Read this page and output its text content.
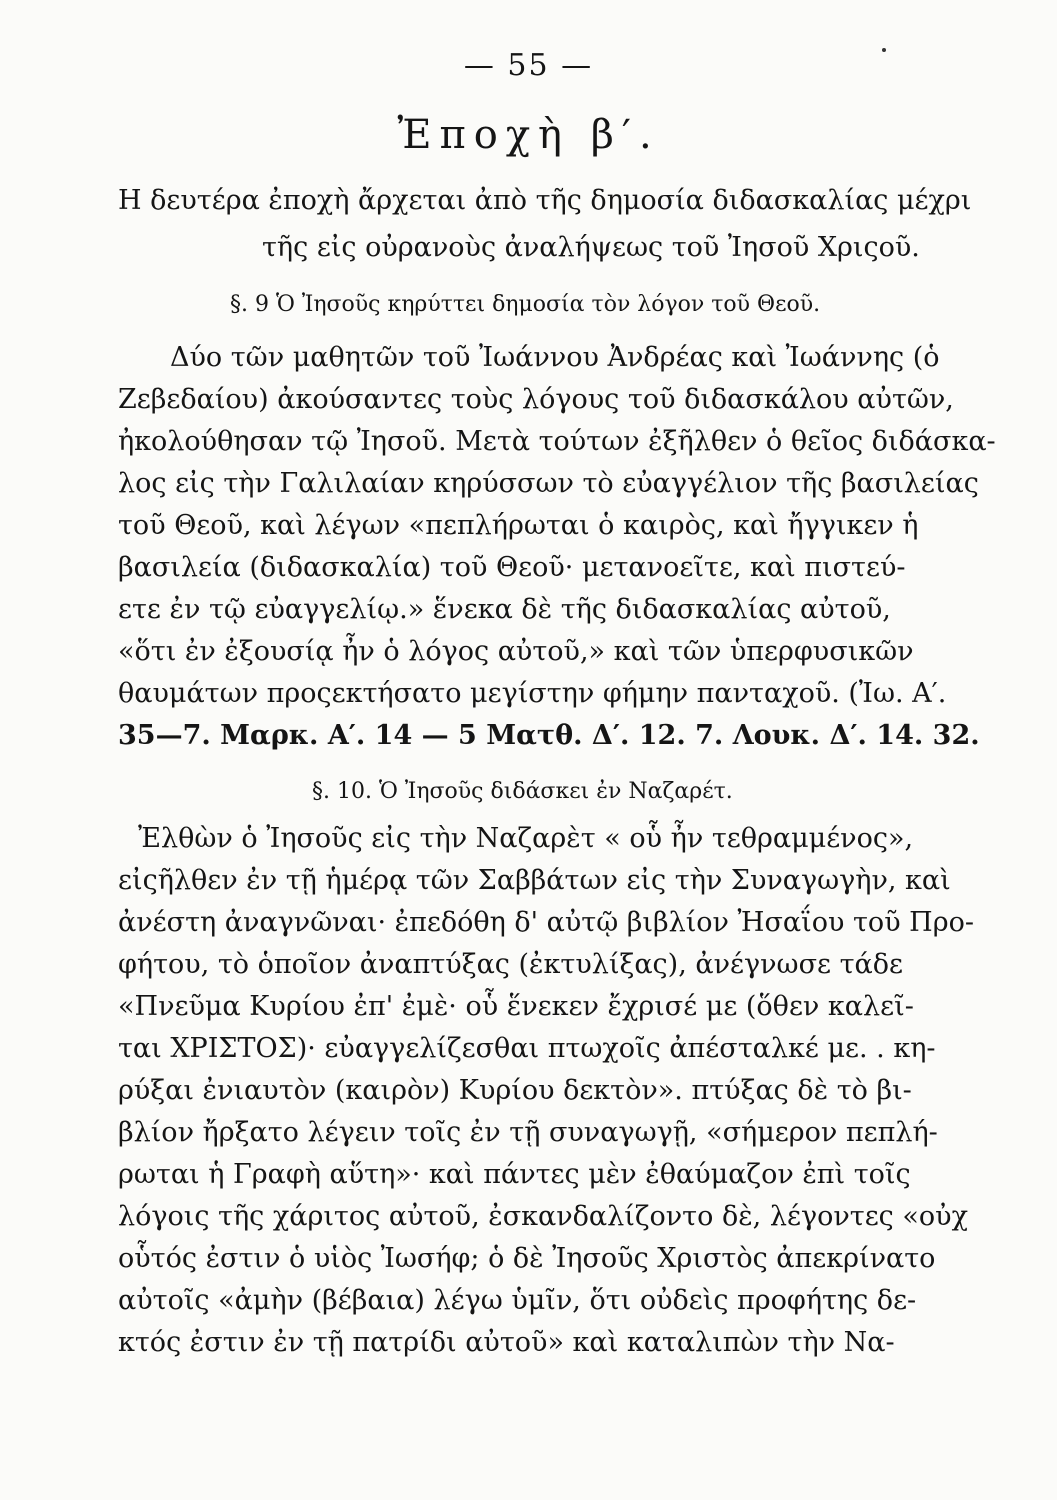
— 55 —
Ἐποχὴ β′.
Η δευτέρα ἐποχὴ ἄρχεται ἀπὸ τῆς δημοσία διδασκαλίας μέχρι
τῆς εἰς οὐρανοὺς ἀναλήψεως τοῦ Ἰησοῦ Χριςοῦ.
§. 9 Ὁ Ἰησοῦς κηρύττει δημοσία τὸν λόγον τοῦ Θεοῦ.
Δύο τῶν μαθητῶν τοῦ Ἰωάννου Ἀνδρέας καὶ Ἰωάννης (ὁ
Ζεβεδαίου) ἀκούσαντες τοὺς λόγους τοῦ διδασκάλου αὐτῶν,
ἠκολούθησαν τῷ Ἰησοῦ. Μετὰ τούτων ἐξῆλθεν ὁ θεῖος διδάσκα-
λος εἰς τὴν Γαλιλαίαν κηρύσσων τὸ εὐαγγέλιον τῆς βασιλείας
τοῦ Θεοῦ, καὶ λέγων «πεπλήρωται ὁ καιρὸς, καὶ ἤγγικεν ἡ
βασιλεία (διδασκαλία) τοῦ Θεοῦ· μετανοεῖτε, καὶ πιστεύ-
ετε ἐν τῷ εὐαγγελίῳ.» ἕνεκα δὲ τῆς διδασκαλίας αὐτοῦ,
«ὅτι ἐν ἐξουσίᾳ ἦν ὁ λόγος αὐτοῦ,» καὶ τῶν ὑπερφυσικῶν
θαυμάτων προςεκτήσατο μεγίστην φήμην πανταχοῦ. (Ἰω. Α′.
35—7. Μαρκ. Α′. 14 — 5 Ματθ. Δ′. 12. 7. Λουκ. Δ′. 14. 32.
§. 10. Ὁ Ἰησοῦς διδάσκει ἐν Ναζαρέτ.
Ἐλθὼν ὁ Ἰησοῦς εἰς τὴν Ναζαρὲτ « οὗ ἦν τεθραμμένος»,
εἰςῆλθεν ἐν τῇ ἡμέρᾳ τῶν Σαββάτων εἰς τὴν Συναγωγὴν, καὶ
ἀνέστη ἀναγνῶναι· ἐπεδόθη δ' αὐτῷ βιβλίον Ἠσαΐου τοῦ Προ-
φήτου, τὸ ὁποῖον ἀναπτύξας (ἐκτυλίξας), ἀνέγνωσε τάδε
«Πνεῦμα Κυρίου ἐπ' ἐμὲ· οὗ ἕνεκεν ἔχρισέ με (ὅθεν καλεῖ-
ται ΧΡΙΣΤΟΣ)· εὐαγγελίζεσθαι πτωχοῖς ἀπέσταλκέ με. . κη-
ρύξαι ἐνιαυτὸν (καιρὸν) Κυρίου δεκτὸν». πτύξας δὲ τὸ βι-
βλίον ἤρξατο λέγειν τοῖς ἐν τῇ συναγωγῇ, «σήμερον πεπλή-
ρωται ἡ Γραφὴ αὕτη»· καὶ πάντες μὲν ἐθαύμαζον ἐπὶ τοῖς
λόγοις τῆς χάριτος αὐτοῦ, ἐσκανδαλίζοντο δὲ, λέγοντες «οὐχ
οὗτός ἐστιν ὁ υἱὸς Ἰωσήφ; ὁ δὲ Ἰησοῦς Χριστὸς ἀπεκρίνατο
αὐτοῖς «ἀμὴν (βέβαια) λέγω ὑμῖν, ὅτι οὐδεὶς προφήτης δε-
κτός ἐστιν ἐν τῇ πατρίδι αὐτοῦ» καὶ καταλιπὼν τὴν Να-
